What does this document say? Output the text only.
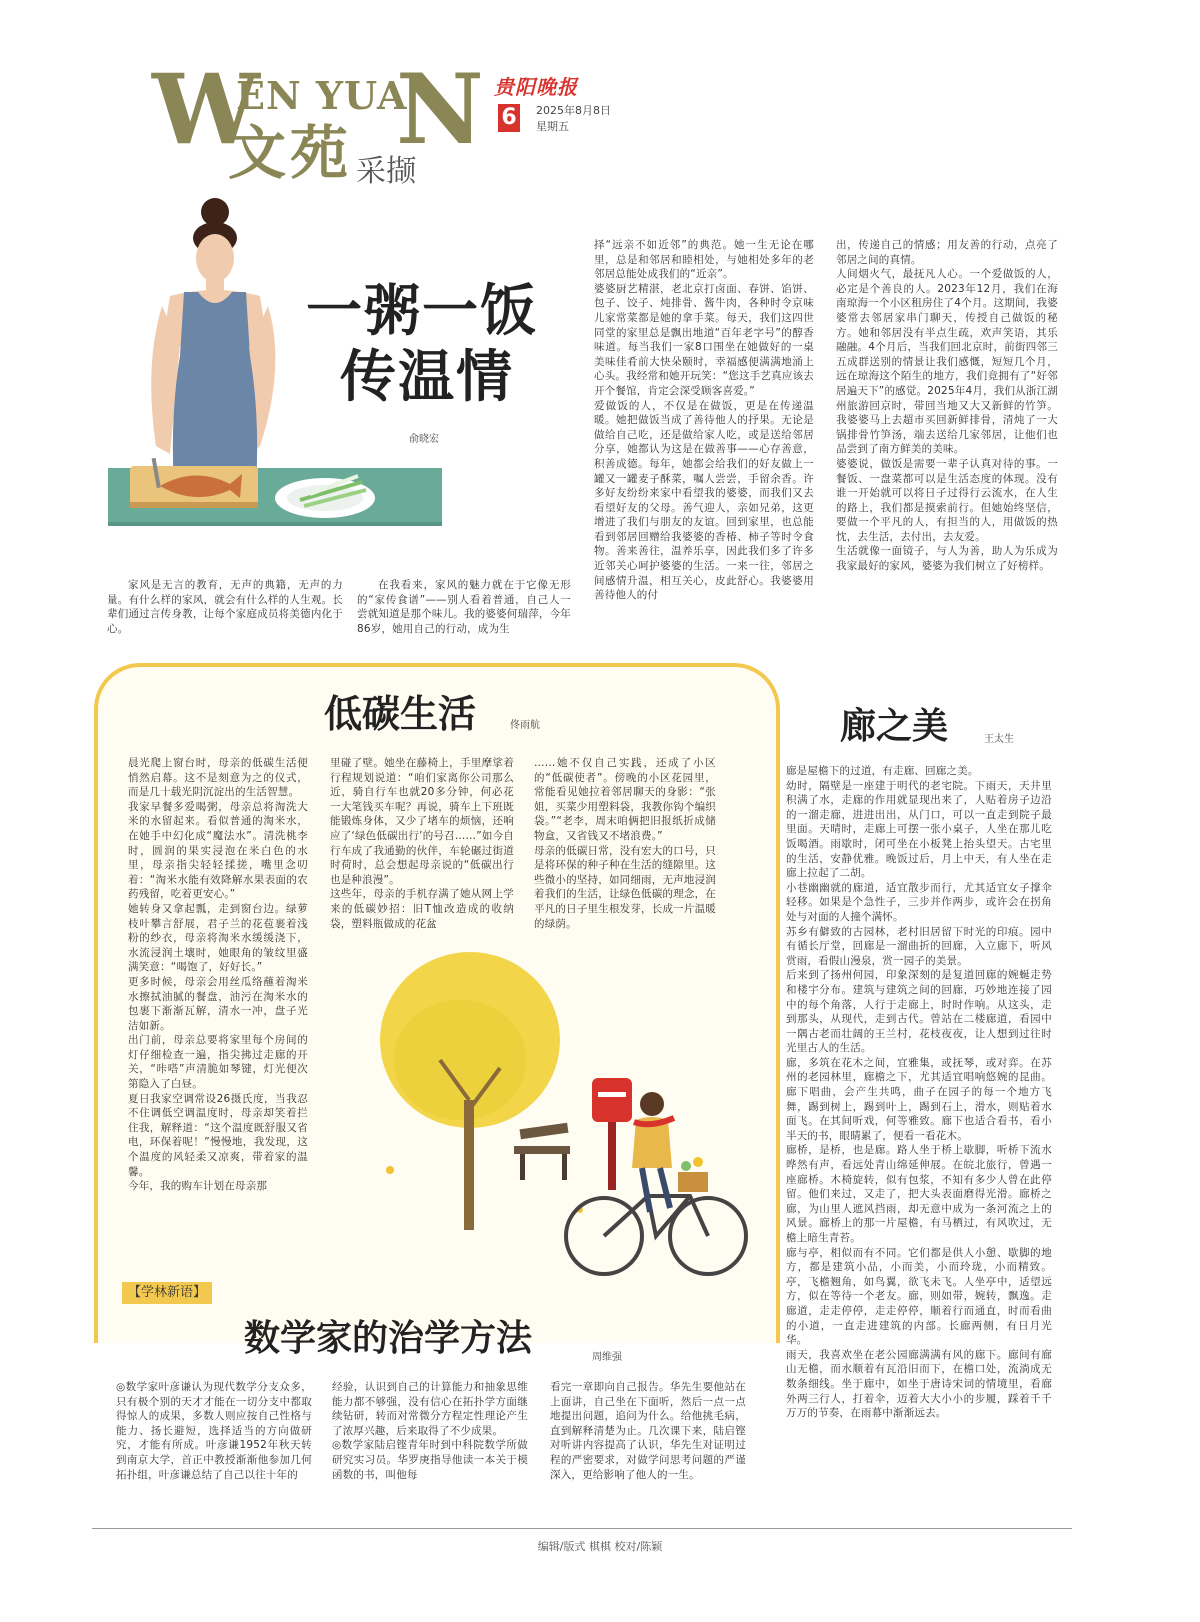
W
EN YUA
N
文苑 采撷
贵阳晚报
6	2025年8月8日
星期五
一粥一饭
传温情
俞晓宏

家风是无言的教育，无声的典籍，无声的力量。有什么样的家风，就会有什么样的人生观。长辈们通过言传身教，让每个家庭成员将美德内化于心。

在我看来，家风的魅力就在于它像无形的“家传食谱”——别人看着普通，自己人一尝就知道是那个味儿。我的婆婆何瑞萍，今年86岁，她用自己的行动，成为生

择“远亲不如近邻”的典范。她一生无论在哪里，总是和邻居和睦相处，与她相处多年的老邻居总能处成我们的“近亲”。
婆婆厨艺精湛，老北京打卤面、春饼、馅饼、包子、饺子、炖排骨、酱牛肉，各种时令京味儿家常菜都是她的拿手菜。每天，我们这四世同堂的家里总是飘出地道“百年老字号”的醇香味道。每当我们一家8口围坐在她做好的一桌美味佳肴前大快朵颐时，幸福感便满满地涌上心头。我经常和她开玩笑：“您这手艺真应该去开个餐馆，肯定会深受顾客喜爱。”
爱做饭的人，不仅是在做饭，更是在传递温暖。她把做饭当成了善待他人的抒果。无论是做给自己吃，还是做给家人吃，或是送给邻居分享，她都认为这是在做善事——心存善意，积善成德。每年，她都会给我们的好友做上一罐又一罐麦子酥菜，嘱人尝尝，手留余香。许多好友纷纷来家中看望我的婆婆，而我们又去看望好友的父母。善气迎人，亲如兄弟，这更增进了我们与朋友的友谊。回到家里，也总能看到邻居回赠给我婆婆的香椿、柿子等时令食物。善来善往，温养乐享，因此我们多了许多近邻关心呵护婆婆的生活。一来一往，邻居之间感情升温，相互关心，皮此舒心。我婆婆用善待他人的付
出，传递自己的情感；用友善的行动，点亮了邻居之间的真情。
人间烟火气，最抚凡人心。一个爱做饭的人，必定是个善良的人。2023年12月，我们在海南琼海一个小区租房住了4个月。这期间，我婆婆常去邻居家串门聊天，传授自己做饭的秘方。她和邻居没有半点生疏，欢声笑语，其乐融融。4个月后，当我们回北京时，前街四邻三五成群送别的情景让我们感慨，短短几个月，远在琼海这个陌生的地方，我们竟拥有了“好邻居遍天下”的感觉。2025年4月，我们从浙江湖州旅游回京时，带回当地又大又新鲜的竹笋。我婆婆马上去超市买回新鲜排骨，清炖了一大锅排骨竹笋汤，端去送给几家邻居，让他们也品尝到了南方鲜美的美味。
婆婆说，做饭是需要一辈子认真对待的事。一餐饭、一盘菜都可以是生活态度的体现。没有谁一开始就可以将日子过得行云流水，在人生的路上，我们都是摸索前行。但她始终坚信，要做一个平凡的人，有担当的人，用做饭的热忱，去生活，去付出，去友爱。
生活就像一面镜子，与人为善，助人为乐成为我家最好的家风，婆婆为我们树立了好榜样。
低碳生活	佟雨航
晨光爬上窗台时，母亲的低碳生活便悄然启幕。这不是刻意为之的仪式，而是几十载光阴沉淀出的生活智慧。
我家早餐多爱喝粥，母亲总将淘洗大米的水留起来。看似普通的淘米水，在她手中幻化成“魔法水”。清洗桃李时，圆润的果实浸泡在米白色的水里，母亲指尖轻轻揉搓，嘴里念叨着：“淘米水能有效降解水果表面的农药残留，吃着更安心。”
她转身又拿起瓢，走到窗台边。绿萝枝叶攀言舒展，君子兰的花苞裹着浅粉的纱衣，母亲将淘米水缓缓浇下，水流浸润土壤时，她眼角的皱纹里盛满笑意：“喝饱了，好好长。”
更多时候，母亲会用丝瓜络蘸着淘米水擦拭油腻的餐盘，油污在淘米水的包裹下渐渐瓦解，清水一冲，盘子光洁如新。
出门前，母亲总要将家里每个房间的灯仔细检查一遍，指尖拂过走廊的开关，“咔嗒”声清脆如琴键，灯光便次第隐入了白昼。
夏日我家空调常设26摄氏度，当我忍不住调低空调温度时，母亲却笑着拦住我，解释道：“这个温度既舒服又省电，环保着呢！”慢慢地，我发现，这个温度的风轻柔又凉爽，带着家的温馨。
今年，我的购车计划在母亲那
里碰了壁。她坐在藤椅上，手里摩挲着行程规划说道：“咱们家离你公司那么近，骑自行车也就20多分钟，何必花一大笔钱买车呢？再说，骑车上下班既能锻炼身体，又少了堵车的烦恼，还响应了‘绿色低碳出行’的号召……”如今自行车成了我通勤的伙伴，车轮碾过街道时荷时，总会想起母亲说的“低碳出行也是种浪漫”。
这些年，母亲的手机存满了她从网上学来的低碳妙招：旧T恤改造成的收纳袋，塑料瓶做成的花盆
……她不仅自己实践，还成了小区的“低碳使者”。傍晚的小区花园里，常能看见她拉着邻居聊天的身影：“张姐，买菜少用塑料袋，我教你钩个编织袋。”“老李，周末咱俩把旧报纸折成储物盒，又省钱又不堵浪费。”
母亲的低碳日常，没有宏大的口号，只是将环保的种子种在生活的缝隙里。这些微小的坚持，如同细雨，无声地浸润着我们的生活，让绿色低碳的理念，在平凡的日子里生根发芽，长成一片温暖的绿荫。
廊之美	王太生
廊是屋檐下的过道，有走廊、回廊之美。
幼时，隔壁是一座建于明代的老宅院。下雨天，天井里积满了水，走廊的作用就显现出来了，人贴着房子边沿的一溜走廊，进进出出，从门口，可以一直走到院子最里面。天晴时，走廊上可摆一张小桌子，人坐在那儿吃饭喝酒。雨歇时，闭可坐在小板凳上抬头望天。古宅里的生活，安静优雅。晚饭过后，月上中天，有人坐在走廊上拉起了二胡。
小巷幽幽就的廊道，适宜散步而行，尤其适宜女子撑伞轻移。如果是个急性子，三步并作两步，或许会在拐角处与对面的人撞个满怀。
苏乡有僻致的古园林，老村旧居留下时光的印痕。园中有循长厅堂，回廊是一溜曲折的回廊，入立廊下，听风赏雨，看假山漫泉，赏一园子的美景。
后来到了扬州何园，印象深刻的是复道回廊的婉蜒走势和楼宇分布。建筑与建筑之间的回廊，巧妙地连接了园中的每个角落，人行于走廊上，时时作响。从这头，走到那头，从现代，走到古代。曾站在二楼廊道，看园中一隅古老而壮阔的王兰村，花枝夜夜，让人想到过往时光里古人的生活。
廊，多筑在花木之间，宜雅集，或抚琴，或对弈。在苏州的老园林里，廊檐之下，尤其适宜唱响悠婉的昆曲。廊下唱曲，会产生共鸣，曲子在园子的每一个地方飞舞，踢到树上，踢到叶上，踢到石上，滑水，则贴着水面飞。在其间听戏，何等雅致。廊下也适合看书，看小半天的书，眼睛累了，便看一看花木。
廊桥，是桥，也是廊。路人坐于桥上歇脚，听桥下流水哗然有声，看远处青山绵延伸展。在皖北旅行，曾遇一座廊桥。木椅旋转，似有包浆，不知有多少人曾在此停留。他们来过，又走了，把大头表面磨得光滑。廊桥之廊，为山里人遮风挡雨，却无意中成为一条河流之上的风景。廊桥上的那一片屋檐，有马栖过，有风吹过，无檐上暗生青苔。
廊与亭，相似而有不同。它们都是供人小憩、歇脚的地方，都是建筑小品，小而美，小而玲珑，小而精致。亭，飞檐翘角，如鸟翼，欲飞未飞。人坐亭中，适望远方，似在等待一个老友。廊，则如带，婉转，飘逸。走廊道，走走停停，走走停停，顺着行而通直，时而看曲的小道，一直走进建筑的内部。长廊两侧，有日月光华。
雨天，我喜欢坐在老公园廊满满有风的廊下。廊间有廊山无檐，而水顺着有瓦沿旧而下，在檐口处，流淌成无数条细线。坐于廊中，如坐于唐诗宋词的情境里，看廊外两三行人，打着伞，迈着大大小小的步履，踩着千千万万的节奏，在雨幕中渐渐远去。
【学林新语】
数学家的治学方法	周维强
◎数学家叶彦谦认为现代数学分支众多，只有极个别的天才才能在一切分支中都取得惊人的成果，多数人则应按自己性格与能力、扬长避短，选择适当的方向做研究，才能有所成。叶彦谦1952年秋天转到南京大学，首正中教授渐渐他参加几何拓扑组，叶彦谦总结了自己以往十年的
经验，认识到自己的计算能力和抽象思维能力都不够强，没有信心在拓扑学方面继续钻研，转而对常微分方程定性理论产生了浓厚兴趣，后来取得了不少成果。
◎数学家陆启铿青年时到中科院数学所做研究实习员。华罗庚指导他读一本关于模函数的书，叫他每
看完一章即向自己报告。华先生要他站在上面讲，自己坐在下面听，然后一点一点地提出问题，追问为什么。给他挑毛病，直到解释清楚为止。几次课下来，陆启铿对听讲内容提高了认识，华先生对证明过程的严密要求，对做学问思考问题的严谨深入，更给影响了他人的一生。
编辑/版式 棋棋 校对/陈颖
